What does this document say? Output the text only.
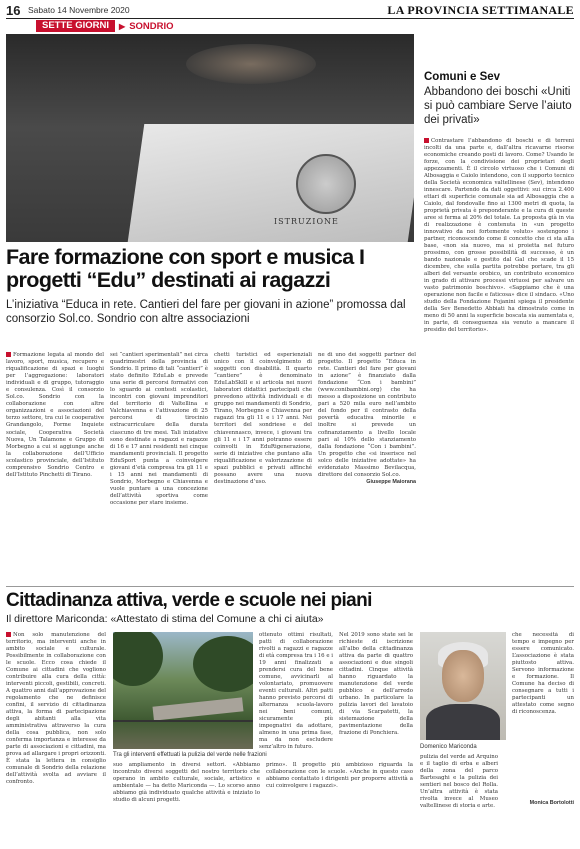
16 Sabato 14 Novembre 2020	LA PROVINCIA SETTIMANALE
SETTE GIORNI	▶ SONDRIO
ISTRUZIONE
Fare formazione con sport e musica I progetti “Edu” destinati ai ragazzi
L’iniziativa “Educa in rete. Cantieri del fare per giovani in azione” promossa dal consorzio Sol.co. Sondrio con altre associazioni
Formazione legata al mondo del lavoro, sport, musica, recupero e riqualificazione di spazi e luoghi per l’aggregazione: laboratori individuali e di gruppo, tutoraggio e consulenza. Così il consorzio Sol.co. Sondrio con la collaborazione con altre organizzazioni e associazioni del terzo settore, tra cui le cooperative Grandangolo, Forme Inquiete sociale, Cooperativa Società Nuova, Un Talamone e Gruppo di Morbegno a cui si aggiunge anche la collaborazione dell’Ufficio scolastico provinciale, dell’Istituto comprensivo Sondrio Centro e dell’Istituto Pinchetti di Tirano.
sei “cantieri sperimentali” nei circa quadrimestri della provincia di Sondrio. Il primo di tali “cantieri” è stato definito EduLab e prevede una serie di percorsi formativi con lo sguardo ai contesti scolastici, incontri con giovani imprenditori del territorio di Valtellina e Valchiavenna e l’attivazione di 25 percorsi di tirocinio extracurriculare della durata ciascuno di tre mesi. Tali iniziative sono destinate a ragazzi e ragazze di 16 e 17 anni residenti nei cinque mandamenti provinciali. Il progetto EduSport punta a coinvolgere giovani d’età compresa tra gli 11 e i 15 anni nei mandamenti di Sondrio, Morbegno e Chiavenna e vuole puntare a una concezione dell’attività sportiva come occasione per stare insieme.
chetti turistici ed esperienziali unico con il coinvolgimento di soggetti con disabilità. Il quarto “cantiere” è denominato EduLabSkill e si articola nei nuovi laboratori didattici partecipati che prevedono attività individuali e di gruppo nei mandamenti di Sondrio, Tirano, Morbegno e Chiavenna per ragazzi tra gli 11 e i 17 anni. Nei territori del sondriese e del chiavennasco, invece, i giovani tra gli 11 e i 17 anni potranno essere coinvolti in EduRigenerazione, serie di iniziative che puntano alla riqualificazione e valorizzazione di spazi pubblici e privati affinché possano avere una nuova destinazione d’uso.
ne di uno dei soggetti partner del progetto. Il progetto “Educa in rete. Cantieri del fare per giovani in azione” è finanziato dalla fondazione “Con i bambini” (www.conibambini.org) che ha messo a disposizione un contributo pari a 520 mila euro nell’ambito del fondo per il contrasto della povertà educativa minorile e inoltre si prevede un cofinanziamento a livello locale pari al 10% dello stanziamento dalla fondazione “Con i bambini”. Un progetto che «si inserisce nel solco delle iniziative adottate» ha evidenziato Massimo Bevilacqua, direttore del consorzio Sol.co.
Giuseppe Maiorana
Comuni e Sev
Abbandono dei boschi «Uniti si può cambiare Serve l’aiuto dei privati»
Contrastare l’abbandono di boschi e di terreni incolti da una parte e, dall’altra ricavarne risorse economiche creando posti di lavoro. Come? Usando le forze, con la condivisione dei proprietari degli appezzamenti. È il circolo virtuoso che i Comuni di Albosaggia e Caiolo intendono, con il supporto tecnico della Società economica valtellinese (Sev), intendono innescare. Partendo da dati oggettivi: sui circa 2.400 ettari di superficie comunale sia ad Albosaggia che a Caiolo, dal fondovalle fino ai 1300 metri di quota, la proprietà privata è preponderante e la cura di queste aree si ferma al 20% del totale. La proposta già in via di realizzazione è contenuta in «un progetto innovativo da noi fortemente voluto» sostengono i partner, riconoscendo come il concetto che ci sta alla base, «non sia nuovo, ma si proietta nel futuro prossimo, con grosse possibilità di successo, è un bando nazionale e gestito dal Gal che scade il 15 dicembre, che sulla partita potrebbe portare, tra gli alberi del versante orobico, un contributo economico in grado di attivare processi virtuosi per salvare un vasto patrimonio boschivo». «Sappiamo che è una operazione non facile e faticosa» dice il sindaco. «Uno studio della Fondazione Fojanini spiega il presidente della Sev Benedetto Abbiati ha dimostrato come in meno di 50 anni la superficie boscata sia aumentata e, in parte, di conseguenza sia venuto a mancare il presidio del territorio».
Cittadinanza attiva, verde e scuole nei piani
Il direttore Mariconda: «Attestato di stima del Comune a chi ci aiuta»
Non solo manutenzione del territorio, ma interventi anche in ambito sociale e culturale. Possibilmente in collaborazione con le scuole. Ecco cosa chiede il Comune ai cittadini che vogliono contribuire alla cura della città: interventi piccoli, gestibili, concreti. A quattro anni dall’approvazione del regolamento che ne definisce confini, il servizio di cittadinanza attiva, la forma di partecipazione degli abitanti alla vita amministrativa attraverso la cura della cosa pubblica, non solo conferma importanza e interesse da parte di associazioni e cittadini, ma prova ad allargare i propri orizzonti. È stata la lettera in consiglio comunale di Sondrio della relazione dell’attività svolta ad avviare il confronto.
Tra gli interventi effettuati la pulizia del verde nelle frazioni
suo ampliamento in diversi settori. «Abbiamo incontrato diversi soggetti del nostro territorio che operano in ambito culturale, sociale, artistico e ambientale — ha detto Mariconda —. Lo scorso anno abbiamo già individuato qualche attività e iniziato lo studio di alcuni progetti.
primo». Il progetto più ambizioso riguarda la collaborazione con le scuole. «Anche in questo caso abbiamo contattato i dirigenti per proporre attività a cui coinvolgere i ragazzi».
ottenuto ottimi risultati, patti di collaborazione rivolti a ragazzi e ragazze di età compresa tra i 16 e i 19 anni finalizzati a prendersi cura del bene comune, avvicinarli al volontariato, promuovere eventi culturali. Altri patti hanno previsto percorsi di alternanza scuola-lavoro nei beni comuni, sicuramente più impegnativi da adottare, almeno in una prima fase, ma da non escludere senz’altro in futuro.
Nel 2019 sono state sei le richieste di iscrizione all’albo della cittadinanza attiva da parte di quattro associazioni e due singoli cittadini. Cinque attività hanno riguardato la manutenzione del verde pubblico e dell’arredo urbano. In particolare la pulizia lavori del lavatoio di via Scarpatetti, la sistemazione della pavimentazione della frazione di Ponchiera.
Domenico Mariconda
pulizia del verde ad Arquino e il taglio di erba e alberi della zona del parco Bartesaghi e la pulizia dei sentieri nel bosco del Rolla. Un’altra attività è stata rivolta invece al Museo valtellinese di storia e arte.
che necessità di tempo e impegno per essere comunicato. L’associazione è stata piuttosto attiva. Servono informazione e formazione. Il Comune ha deciso di consegnare a tutti i partecipanti un attestato come segno di riconoscenza.
Monica Bortolotti
